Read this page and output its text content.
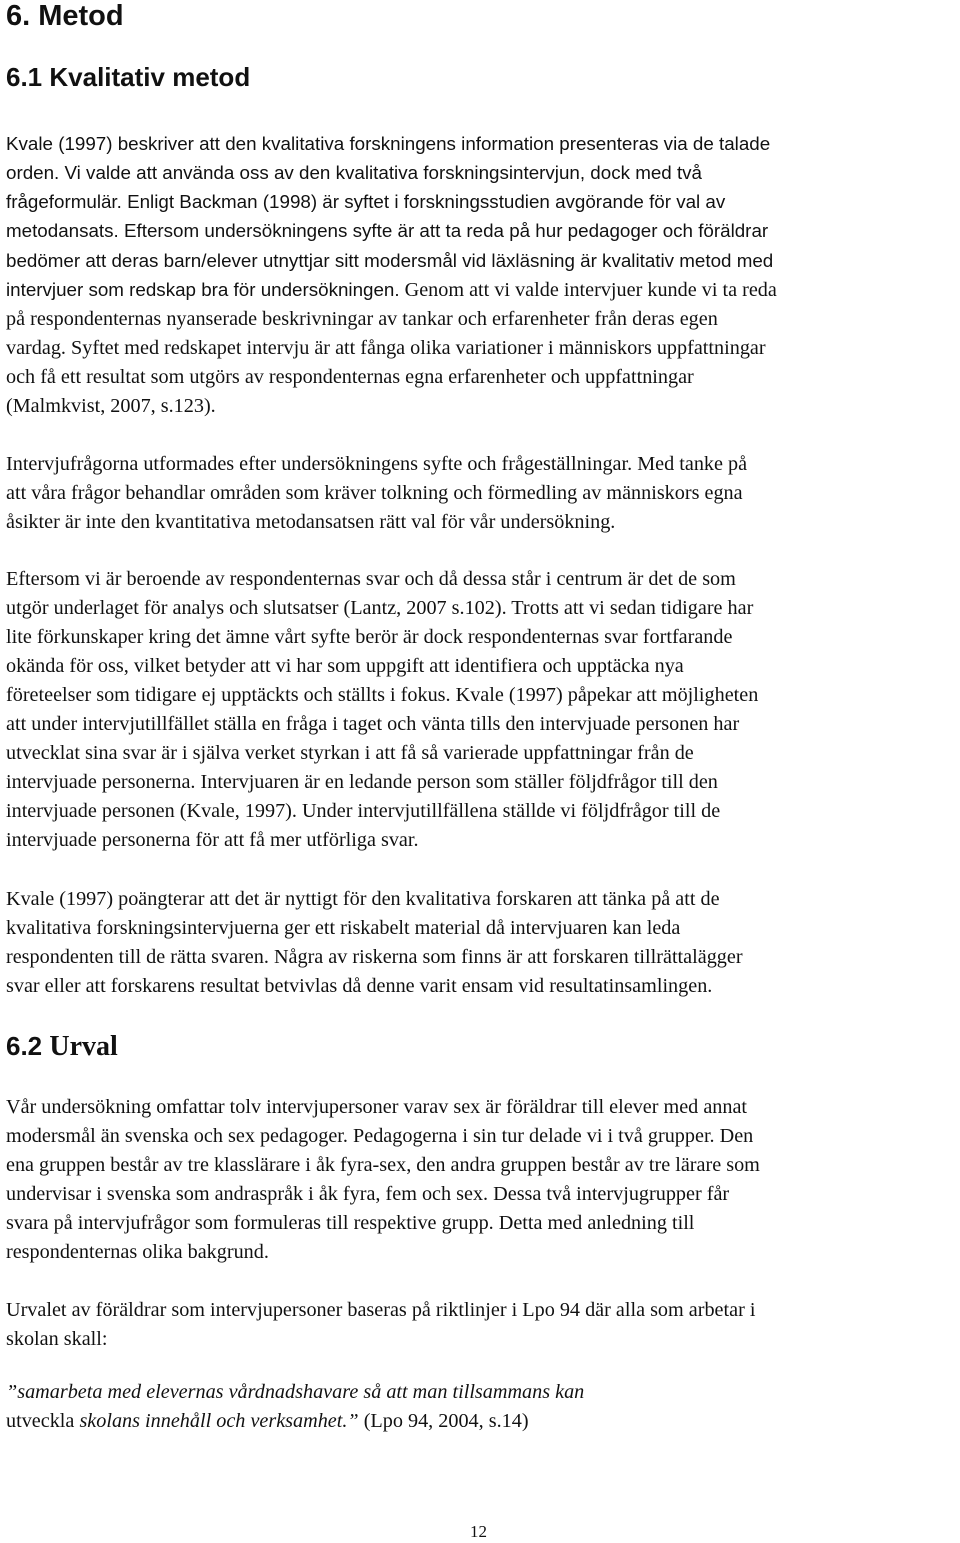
6. Metod
6.1 Kvalitativ metod
Kvale (1997) beskriver att den kvalitativa forskningens information presenteras via de talade
orden. Vi valde att använda oss av den kvalitativa forskningsintervjun, dock med två
frågeformulär. Enligt Backman (1998) är syftet i forskningsstudien avgörande för val av
metodansats. Eftersom undersökningens syfte är att ta reda på hur pedagoger och föräldrar
bedömer att deras barn/elever utnyttjar sitt modersmål vid läxläsning är kvalitativ metod med
intervjuer som redskap bra för undersökningen. Genom att vi valde intervjuer kunde vi ta reda
på respondenternas nyanserade beskrivningar av tankar och erfarenheter från deras egen
vardag. Syftet med redskapet intervju är att fånga olika variationer i människors uppfattningar
och få ett resultat som utgörs av respondenternas egna erfarenheter och uppfattningar
(Malmkvist, 2007, s.123).
Intervjufrågorna utformades efter undersökningens syfte och frågeställningar. Med tanke på
att våra frågor behandlar områden som kräver tolkning och förmedling av människors egna
åsikter är inte den kvantitativa metodansatsen rätt val för vår undersökning.
Eftersom vi är beroende av respondenternas svar och då dessa står i centrum är det de som
utgör underlaget för analys och slutsatser (Lantz, 2007 s.102). Trotts att vi sedan tidigare har
lite förkunskaper kring det ämne vårt syfte berör är dock respondenternas svar fortfarande
okända för oss, vilket betyder att vi har som uppgift att identifiera och upptäcka nya
företeelser som tidigare ej upptäckts och ställts i fokus. Kvale (1997) påpekar att möjligheten
att under intervjutillfället ställa en fråga i taget och vänta tills den intervjuade personen har
utvecklat sina svar är i själva verket styrkan i att få så varierade uppfattningar från de
intervjuade personerna. Intervjuaren är en ledande person som ställer följdfrågor till den
intervjuade personen (Kvale, 1997). Under intervjutillfällena ställde vi följdfrågor till de
intervjuade personerna för att få mer utförliga svar.
Kvale (1997) poängterar att det är nyttigt för den kvalitativa forskaren att tänka på att de
kvalitativa forskningsintervjuerna ger ett riskabelt material då intervjuaren kan leda
respondenten till de rätta svaren. Några av riskerna som finns är att forskaren tillrättalägger
svar eller att forskarens resultat betvivlas då denne varit ensam vid resultatinsamlingen.
6.2 Urval
Vår undersökning omfattar tolv intervjupersoner varav sex är föräldrar till elever med annat
modersmål än svenska och sex pedagoger. Pedagogerna i sin tur delade vi i två grupper. Den
ena gruppen består av tre klasslärare i åk fyra-sex, den andra gruppen består av tre lärare som
undervisar i svenska som andraspråk i åk fyra, fem och sex. Dessa två intervjugrupper får
svara på intervjufrågor som formuleras till respektive grupp. Detta med anledning till
respondenternas olika bakgrund.
Urvalet av föräldrar som intervjupersoner baseras på riktlinjer i Lpo 94 där alla som arbetar i
skolan skall:
”samarbeta med elevernas vårdnadshavare så att man tillsammans kan
utveckla skolans innehåll och verksamhet.” (Lpo 94, 2004, s.14)
12
